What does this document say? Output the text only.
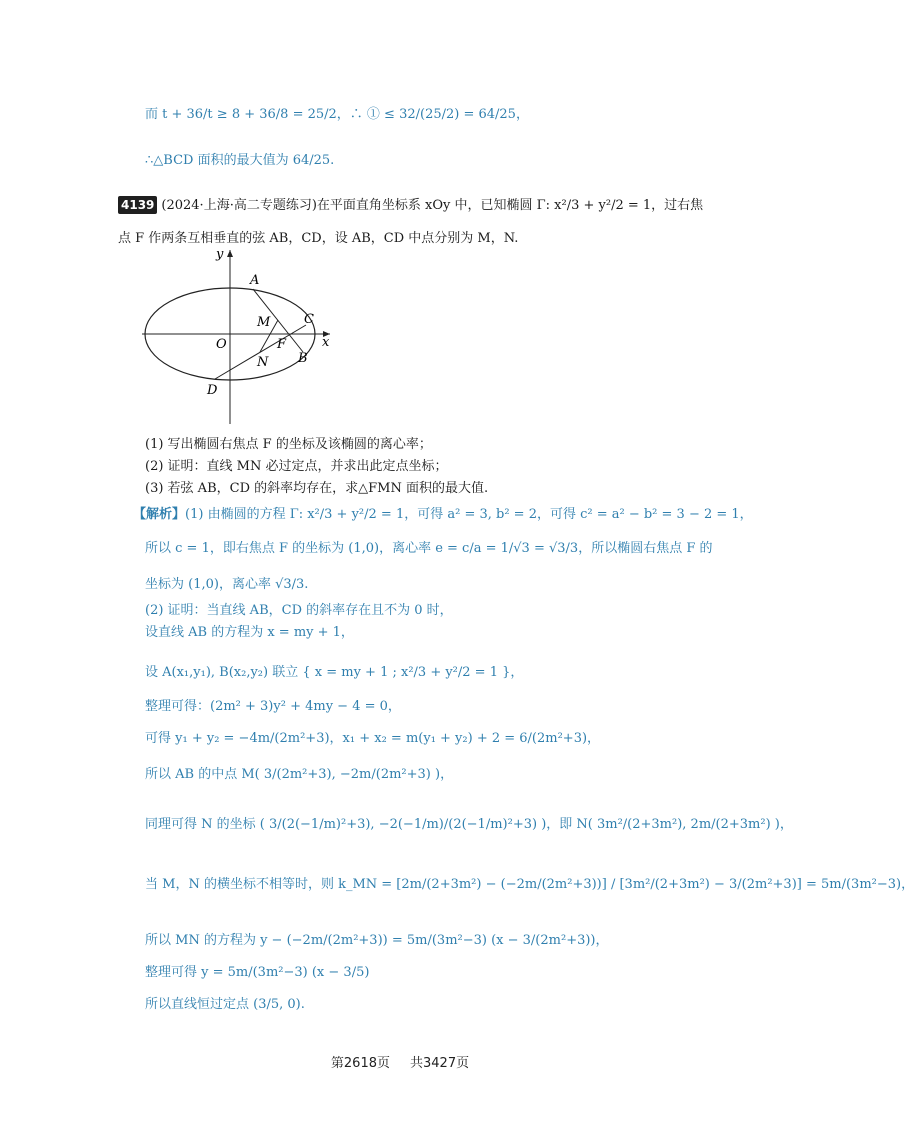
而 t + 36/t ≥ 8 + 36/8 = 25/2，∴ ① ≤ 32/(25/2) = 64/25，
∴△BCD 面积的最大值为 64/25.
4139 (2024·上海·高二专题练习)在平面直角坐标系 xOy 中，已知椭圆 Γ: x²/3 + y²/2 = 1，过右焦
点 F 作两条互相垂直的弦 AB，CD，设 AB，CD 中点分别为 M，N.
y
x
O
A
C
M
F
N B
D
(1) 写出椭圆右焦点 F 的坐标及该椭圆的离心率；
(2) 证明：直线 MN 必过定点，并求出此定点坐标；
(3) 若弦 AB，CD 的斜率均存在，求△FMN 面积的最大值.
【解析】(1) 由椭圆的方程 Γ: x²/3 + y²/2 = 1，可得 a² = 3, b² = 2，可得 c² = a² − b² = 3 − 2 = 1，
所以 c = 1，即右焦点 F 的坐标为 (1,0)，离心率 e = c/a = 1/√3 = √3/3，所以椭圆右焦点 F 的
坐标为 (1,0)，离心率 √3/3.
(2) 证明：当直线 AB，CD 的斜率存在且不为 0 时，
设直线 AB 的方程为 x = my + 1，
设 A(x₁,y₁), B(x₂,y₂) 联立 { x = my + 1 ; x²/3 + y²/2 = 1 }，
整理可得：(2m² + 3)y² + 4my − 4 = 0，
可得 y₁ + y₂ = −4m/(2m²+3)，x₁ + x₂ = m(y₁ + y₂) + 2 = 6/(2m²+3)，
所以 AB 的中点 M( 3/(2m²+3), −2m/(2m²+3) )，
同理可得 N 的坐标 ( 3/(2(−1/m)²+3), −2(−1/m)/(2(−1/m)²+3) )，即 N( 3m²/(2+3m²), 2m/(2+3m²) )，
当 M，N 的横坐标不相等时，则 k_MN = [2m/(2+3m²) − (−2m/(2m²+3))] / [3m²/(2+3m²) − 3/(2m²+3)] = 5m/(3m²−3)，
所以 MN 的方程为 y − (−2m/(2m²+3)) = 5m/(3m²−3) (x − 3/(2m²+3))，
整理可得 y = 5m/(3m²−3) (x − 3/5)
所以直线恒过定点 (3/5, 0).
第2618页 共3427页
